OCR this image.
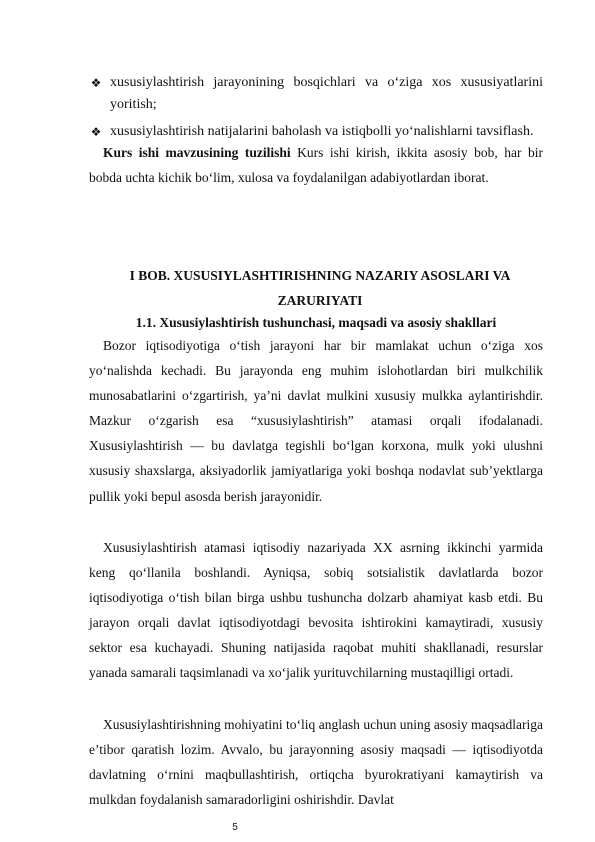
❖ xususiylashtirish jarayonining bosqichlari va o‘ziga xos xususiyatlarini
yoritish;
❖ xususiylashtirish natijalarini baholash va istiqbolli yo‘nalishlarni tavsiflash.

Kurs ishi mavzusining tuzilishi Kurs ishi kirish, ikkita asosiy bob, har bir bobda uchta kichik bo‘lim, xulosa va foydalanilgan adabiyotlardan iborat.

I BOB. XUSUSIYLASHTIRISHNING NAZARIY ASOSLARI VA ZARURIYATI
1.1. Xususiylashtirish tushunchasi, maqsadi va asosiy shakllari

Bozor iqtisodiyotiga o‘tish jarayoni har bir mamlakat uchun o‘ziga xos yo‘nalishda kechadi. Bu jarayonda eng muhim islohotlardan biri mulkchilik munosabatlarini o‘zgartirish, ya’ni davlat mulkini xususiy mulkka aylantirishdir. Mazkur o‘zgarish esa “xususiylashtirish” atamasi orqali ifodalanadi. Xususiylashtirish — bu davlatga tegishli bo‘lgan korxona, mulk yoki ulushni xususiy shaxslarga, aksiyadorlik jamiyatlariga yoki boshqa nodavlat sub’yektlarga pullik yoki bepul asosda berish jarayonidir.

Xususiylashtirish atamasi iqtisodiy nazariyada XX asrning ikkinchi yarmida keng qo‘llanila boshlandi. Ayniqsa, sobiq sotsialistik davlatlarda bozor iqtisodiyotiga o‘tish bilan birga ushbu tushuncha dolzarb ahamiyat kasb etdi. Bu jarayon orqali davlat iqtisodiyotdagi bevosita ishtirokini kamaytiradi, xususiy sektor esa kuchayadi. Shuning natijasida raqobat muhiti shakllanadi, resurslar yanada samarali taqsimlanadi va xo‘jalik yurituvchilarning mustaqilligi ortadi.

Xususiylashtirishning mohiyatini to‘liq anglash uchun uning asosiy maqsadlariga e’tibor qaratish lozim. Avvalo, bu jarayonning asosiy maqsadi — iqtisodiyotda davlatning o‘rnini maqbullashtirish, ortiqcha byurokratiyani kamaytirish va mulkdan foydalanish samaradorligini oshirishdir. Davlat

5
